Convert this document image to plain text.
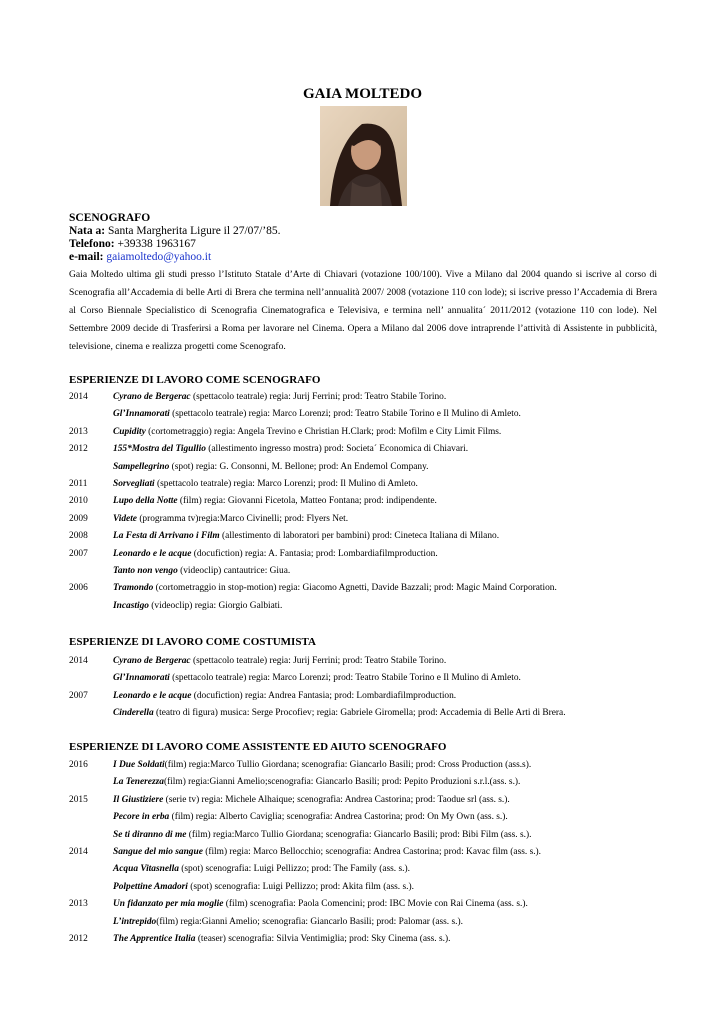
GAIA MOLTEDO
SCENOGRAFO
Nata a: Santa Margherita Ligure il 27/07/’85.
Telefono: +39338 1963167
e-mail: gaiamoltedo@yahoo.it
Gaia Moltedo ultima gli studi presso l’Istituto Statale d’Arte di Chiavari (votazione 100/100). Vive a Milano dal 2004 quando si iscrive al corso di Scenografia all’Accademia di belle Arti di Brera che termina nell’annualità 2007/ 2008 (votazione 110 con lode); si iscrive presso l’Accademia di Brera al Corso Biennale Specialistico di Scenografia Cinematografica e Televisiva, e termina nell’ annualita´ 2011/2012 (votazione 110 con lode). Nel Settembre 2009 decide di Trasferirsi a Roma per lavorare nel Cinema. Opera a Milano dal 2006 dove intraprende l’attività di Assistente in pubblicità, televisione, cinema e realizza progetti come Scenografo.
ESPERIENZE DI LAVORO COME SCENOGRAFO
2014	Cyrano de Bergerac (spettacolo teatrale) regia: Jurij Ferrini; prod: Teatro Stabile Torino.
Gl’Innamorati (spettacolo teatrale) regia: Marco Lorenzi; prod: Teatro Stabile Torino e Il Mulino di Amleto.
2013	Cupidity (cortometraggio) regia: Angela Trevino e Christian H.Clark; prod: Mofilm e City Limit Films.
2012	155*Mostra del Tigullio (allestimento ingresso mostra) prod: Societa´ Economica di Chiavari.
Sampellegrino (spot) regia: G. Consonni, M. Bellone; prod: An Endemol Company.
2011	Sorvegliati (spettacolo teatrale) regia: Marco Lorenzi; prod: Il Mulino di Amleto.
2010	Lupo della Notte (film) regia: Giovanni Ficetola, Matteo Fontana; prod: indipendente.
2009	Videte (programma tv)regia:Marco Civinelli; prod: Flyers Net.
2008	La Festa di Arrivano i Film (allestimento di laboratori per bambini) prod: Cineteca Italiana di Milano.
2007	Leonardo e le acque (docufiction) regia: A. Fantasia; prod: Lombardiafilmproduction.
Tanto non vengo (videoclip) cantautrice: Giua.
2006	Tramondo (cortometraggio in stop-motion) regia: Giacomo Agnetti, Davide Bazzali; prod: Magic Maind Corporation.
Incastigo (videoclip) regia: Giorgio Galbiati.
ESPERIENZE DI LAVORO COME COSTUMISTA
2014	Cyrano de Bergerac (spettacolo teatrale) regia: Jurij Ferrini; prod: Teatro Stabile Torino.
Gl’Innamorati (spettacolo teatrale) regia: Marco Lorenzi; prod: Teatro Stabile Torino e Il Mulino di Amleto.
2007	Leonardo e le acque (docufiction) regia: Andrea Fantasia; prod: Lombardiafilmproduction.
Cinderella (teatro di figura) musica: Serge Procofiev; regia: Gabriele Giromella; prod: Accademia di Belle Arti di Brera.
ESPERIENZE DI LAVORO COME ASSISTENTE ED AIUTO SCENOGRAFO
2016	I Due Soldati(film) regia:Marco Tullio Giordana; scenografia: Giancarlo Basili; prod: Cross Production (ass.s).
La Tenerezza(film) regia:Gianni Amelio;scenografia: Giancarlo Basili; prod: Pepito Produzioni s.r.l.(ass. s.).
2015	Il Giustiziere (serie tv) regia: Michele Alhaique; scenografia: Andrea Castorina; prod: Taodue srl (ass. s.).
Pecore in erba (film) regia: Alberto Caviglia; scenografia: Andrea Castorina; prod: On My Own (ass. s.).
Se ti diranno di me (film) regia:Marco Tullio Giordana; scenografia: Giancarlo Basili; prod: Bibi Film (ass. s.).
2014	Sangue del mio sangue (film) regia: Marco Bellocchio; scenografia: Andrea Castorina; prod: Kavac film (ass. s.).
Acqua Vitasnella (spot) scenografia: Luigi Pellizzo; prod: The Family (ass. s.).
Polpettine Amadori (spot) scenografia: Luigi Pellizzo; prod: Akita film (ass. s.).
2013	Un fidanzato per mia moglie (film) scenografia: Paola Comencini; prod: IBC Movie con Rai Cinema (ass. s.).
L’intrepido(film) regia:Gianni Amelio; scenografia: Giancarlo Basili; prod: Palomar (ass. s.).
2012	The Apprentice Italia (teaser) scenografia: Silvia Ventimiglia; prod: Sky Cinema (ass. s.).
